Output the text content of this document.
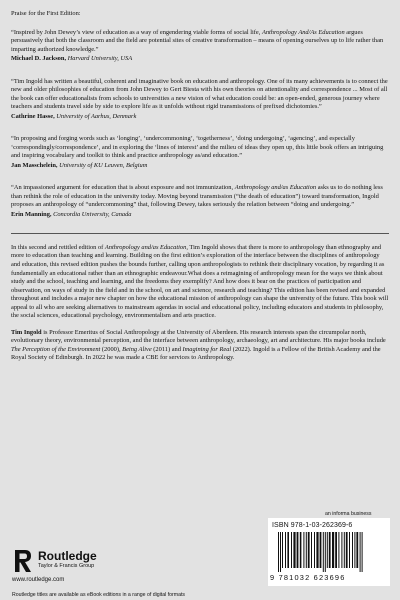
Praise for the First Edition:

“Inspired by John Dewey’s view of education as a way of engendering viable forms of social life, Anthropology And/As Education argues persuasively that both the classroom and the field are potential sites of creative transformation – means of opening ourselves up to life rather than imparting authorized knowledge.”

Michael D. Jackson, Harvard University, USA

“Tim Ingold has written a beautiful, coherent and imaginative book on education and anthropology. One of its many achievements is to connect the new and older philosophies of education from John Dewey to Gert Biesta with his own theories on attentionality and correspondence ... Most of all the book can offer educationalists from schools to universities a new vision of what education could be: an open-ended, generous journey where teachers and students travel side by side to explore life as it unfolds without rigid transmissions of prefixed dichotomies.”

Cathrine Hasse, University of Aarhus, Denmark

“In proposing and forging words such as ‘longing’, ‘undercommoning’, ‘togetherness’, ‘doing undergoing’, ‘agencing’, and especially ‘correspondingly/correspondence’, and in exploring the ‘lines of interest’ and the milieu of ideas they open up, this little book offers an intriguing and inspiring vocabulary and toolkit to think and practice anthropology as/and education.”

Jan Masschelein, University of KU Leuven, Belgium

“An impassioned argument for education that is about exposure and not immunization, Anthropology and/as Education asks us to do nothing less than rethink the role of education in the university today. Moving beyond transmission (“the death of education”) toward transformation, Ingold proposes an anthropology of “undercommoning” that, following Dewey, takes seriously the relation between “doing and undergoing.”

Erin Manning, Concordia University, Canada

In this second and retitled edition of Anthropology and/as Education, Tim Ingold shows that there is more to anthropology than ethnography and more to education than teaching and learning. Building on the first edition’s exploration of the interface between the disciplines of anthropology and education, this revised edition pushes the bounds further, calling upon anthropologists to rethink their disciplinary vocation, by regarding it as fundamentally an educational rather than an ethnographic endeavour.What does a reimagining of anthropology mean for the ways we think about study and the school, teaching and learning, and the freedoms they exemplify? And how does it bear on the practices of participation and observation, on ways of study in the field and in the school, on art and science, research and teaching? This edition has been revised and expanded throughout and includes a major new chapter on how the educational mission of anthropology can shape the university of the future. This book will appeal to all who are seeking alternatives to mainstream agendas in social and educational policy, including educators and students in philosophy, the social sciences, educational psychology, environmentalism and arts practice.

Tim Ingold is Professor Emeritus of Social Anthropology at the University of Aberdeen. His research interests span the circumpolar north, evolutionary theory, environmental perception, and the interface between anthropology, archaeology, art and architecture. His major books include The Perception of the Environment (2000), Being Alive (2011) and Imagining for Real (2022). Ingold is a Fellow of the British Academy and the Royal Society of Edinburgh. In 2022 he was made a CBE for services to Anthropology.

an informa business
ISBN 978-1-03-262369-6
9 781032 623696
Routledge
Taylor & Francis Group
www.routledge.com
Routledge titles are available as eBook editions in a range of digital formats
